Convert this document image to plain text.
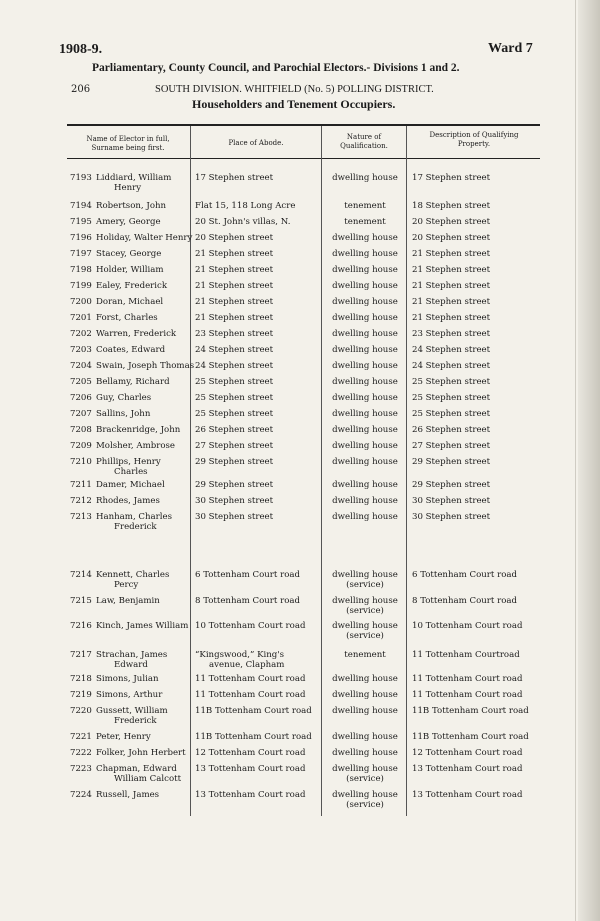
1908-9.	Ward 7
Parliamentary, County Council, and Parochial Electors.- Divisions 1 and 2.
206	SOUTH DIVISION. WHITFIELD (No. 5) POLLING DISTRICT.
Householders and Tenement Occupiers.
Name of Elector in full,
Surname being first.
Place of Abode.
Nature of
Qualification.
Description of Qualifying
Property.
7193 Liddiard, William
Henry
17 Stephen street	dwelling house	17 Stephen street
7194 Robertson, John	Flat 15, 118 Long Acre	tenement	18 Stephen street
7195 Amery, George	20 St. John's villas, N.	tenement	20 Stephen street
7196 Holiday, Walter Henry 20 Stephen street	dwelling house	20 Stephen street
7197 Stacey, George	21 Stephen street	dwelling house	21 Stephen street
7198 Holder, William	21 Stephen street	dwelling house	21 Stephen street
7199 Ealey, Frederick	21 Stephen street	dwelling house	21 Stephen street
7200 Doran, Michael	21 Stephen street	dwelling house	21 Stephen street
7201 Forst, Charles	21 Stephen street	dwelling house	21 Stephen street
7202 Warren, Frederick 23 Stephen street	dwelling house	23 Stephen street
7203 Coates, Edward	24 Stephen street	dwelling house	24 Stephen street
7204 Swain, Joseph Thomas 24 Stephen street	dwelling house	24 Stephen street
7205 Bellamy, Richard	25 Stephen street	dwelling house	25 Stephen street
7206 Guy, Charles	25 Stephen street	dwelling house	25 Stephen street
7207 Sallins, John	25 Stephen street	dwelling house	25 Stephen street
7208 Brackenridge, John 26 Stephen street	dwelling house	26 Stephen street
7209 Molsher, Ambrose 27 Stephen street	dwelling house	27 Stephen street
7210 Phillips, Henry
Charles
29 Stephen street	dwelling house	29 Stephen street
7211 Damer, Michael	29 Stephen street	dwelling house	29 Stephen street
7212 Rhodes, James	30 Stephen street	dwelling house	30 Stephen street
7213 Hanham, Charles
Frederick
30 Stephen street	dwelling house	30 Stephen street
7214 Kennett, Charles
Percy
6 Tottenham Court road	dwelling house
(service)
6 Tottenham Court road
7215 Law, Benjamin	8 Tottenham Court road	dwelling house
(service)
8 Tottenham Court road
7216 Kinch, James William 10 Tottenham Court road	dwelling house
(service)
10 Tottenham Court road
7217 Strachan, James
Edward
“Kingswood,” King's
avenue, Clapham
tenement	11 Tottenham Courtroad
7218 Simons, Julian	11 Tottenham Court road	dwelling house	11 Tottenham Court road
7219 Simons, Arthur	11 Tottenham Court road	dwelling house	11 Tottenham Court road
7220 Gussett, William
Frederick
11B Tottenham Court road	dwelling house	11B Tottenham Court road
7221 Peter, Henry	11B Tottenham Court road	dwelling house	11B Tottenham Court road
7222 Folker, John Herbert 12 Tottenham Court road	dwelling house	12 Tottenham Court road
7223 Chapman, Edward
William Calcott
13 Tottenham Court road	dwelling house
(service)
13 Tottenham Court road
7224 Russell, James	13 Tottenham Court road	dwelling house
(service)
13 Tottenham Court road
